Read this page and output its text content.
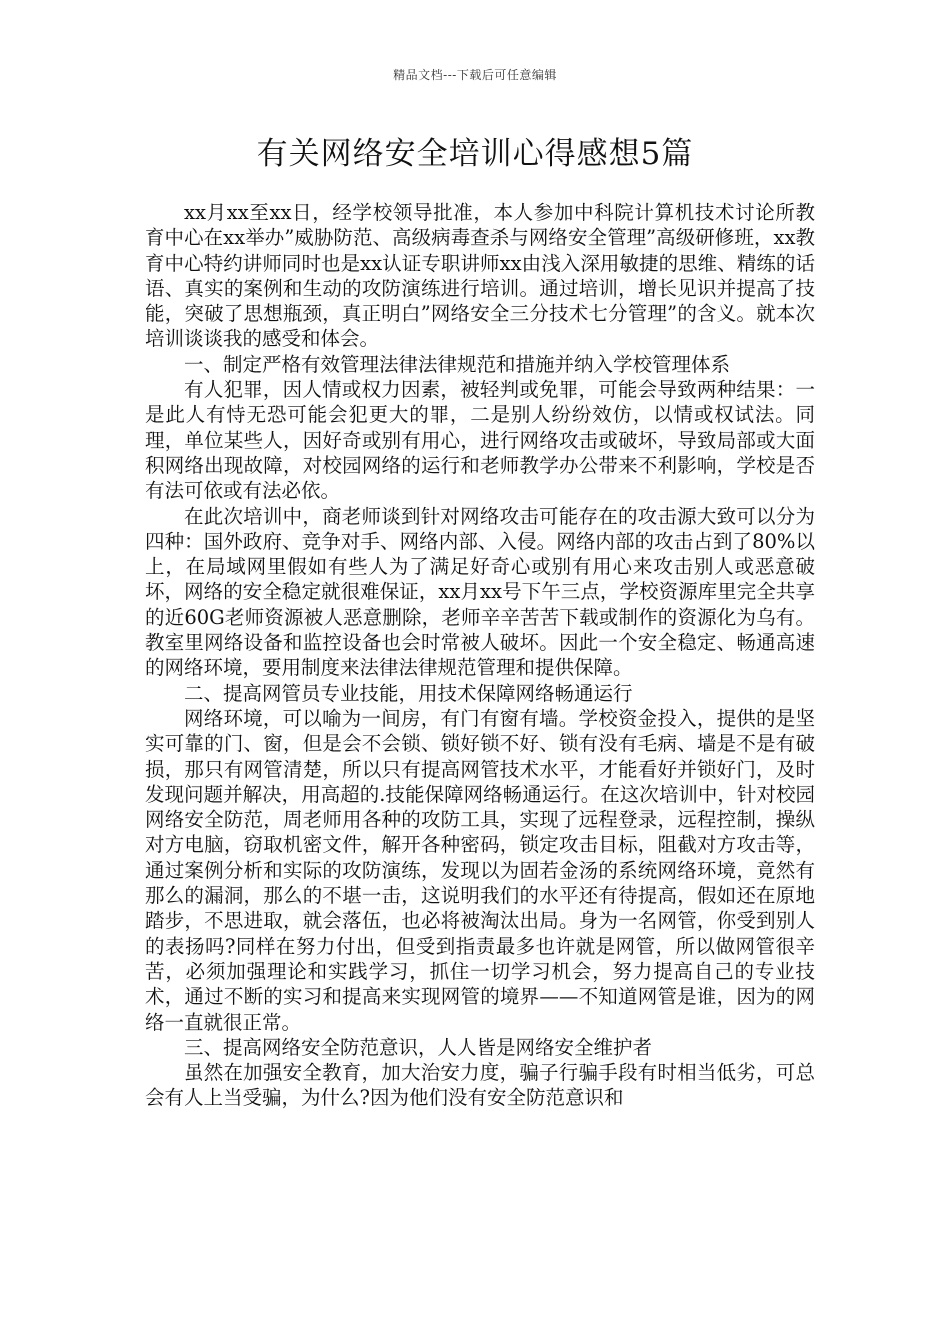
精品文档---下载后可任意编辑
有关网络安全培训心得感想5篇

xx月xx至xx日，经学校领导批准，本人参加中科院计算机技术讨论所教育中心在xx举办”威胁防范、高级病毒查杀与网络安全管理”高级研修班，xx教育中心特约讲师同时也是xx认证专职讲师xx由浅入深用敏捷的思维、精练的话语、真实的案例和生动的攻防演练进行培训。通过培训，增长见识并提高了技能，突破了思想瓶颈，真正明白”网络安全三分技术七分管理”的含义。就本次培训谈谈我的感受和体会。

一、制定严格有效管理法律法律规范和措施并纳入学校管理体系

有人犯罪，因人情或权力因素，被轻判或免罪，可能会导致两种结果：一是此人有恃无恐可能会犯更大的罪，二是别人纷纷效仿，以情或权试法。同理，单位某些人，因好奇或别有用心，进行网络攻击或破坏，导致局部或大面积网络出现故障，对校园网络的运行和老师教学办公带来不利影响，学校是否有法可依或有法必依。

在此次培训中，商老师谈到针对网络攻击可能存在的攻击源大致可以分为四种：国外政府、竞争对手、网络内部、入侵。网络内部的攻击占到了80%以上，在局域网里假如有些人为了满足好奇心或别有用心来攻击别人或恶意破坏，网络的安全稳定就很难保证，xx月xx号下午三点，学校资源库里完全共享的近60G老师资源被人恶意删除，老师辛辛苦苦下载或制作的资源化为乌有。教室里网络设备和监控设备也会时常被人破坏。因此一个安全稳定、畅通高速的网络环境，要用制度来法律法律规范管理和提供保障。

二、提高网管员专业技能，用技术保障网络畅通运行

网络环境，可以喻为一间房，有门有窗有墙。学校资金投入，提供的是坚实可靠的门、窗，但是会不会锁、锁好锁不好、锁有没有毛病、墙是不是有破损，那只有网管清楚，所以只有提高网管技术水平，才能看好并锁好门，及时发现问题并解决，用高超的.技能保障网络畅通运行。在这次培训中，针对校园网络安全防范，周老师用各种的攻防工具，实现了远程登录，远程控制，操纵对方电脑，窃取机密文件，解开各种密码，锁定攻击目标，阻截对方攻击等，通过案例分析和实际的攻防演练，发现以为固若金汤的系统网络环境，竟然有那么的漏洞，那么的不堪一击，这说明我们的水平还有待提高，假如还在原地踏步，不思进取，就会落伍，也必将被淘汰出局。身为一名网管，你受到别人的表扬吗?同样在努力付出，但受到指责最多也许就是网管，所以做网管很辛苦，必须加强理论和实践学习，抓住一切学习机会，努力提高自己的专业技术，通过不断的实习和提高来实现网管的境界——不知道网管是谁，因为的网络一直就很正常。

三、提高网络安全防范意识，人人皆是网络安全维护者

虽然在加强安全教育，加大治安力度，骗子行骗手段有时相当低劣，可总会有人上当受骗，为什么?因为他们没有安全防范意识和
